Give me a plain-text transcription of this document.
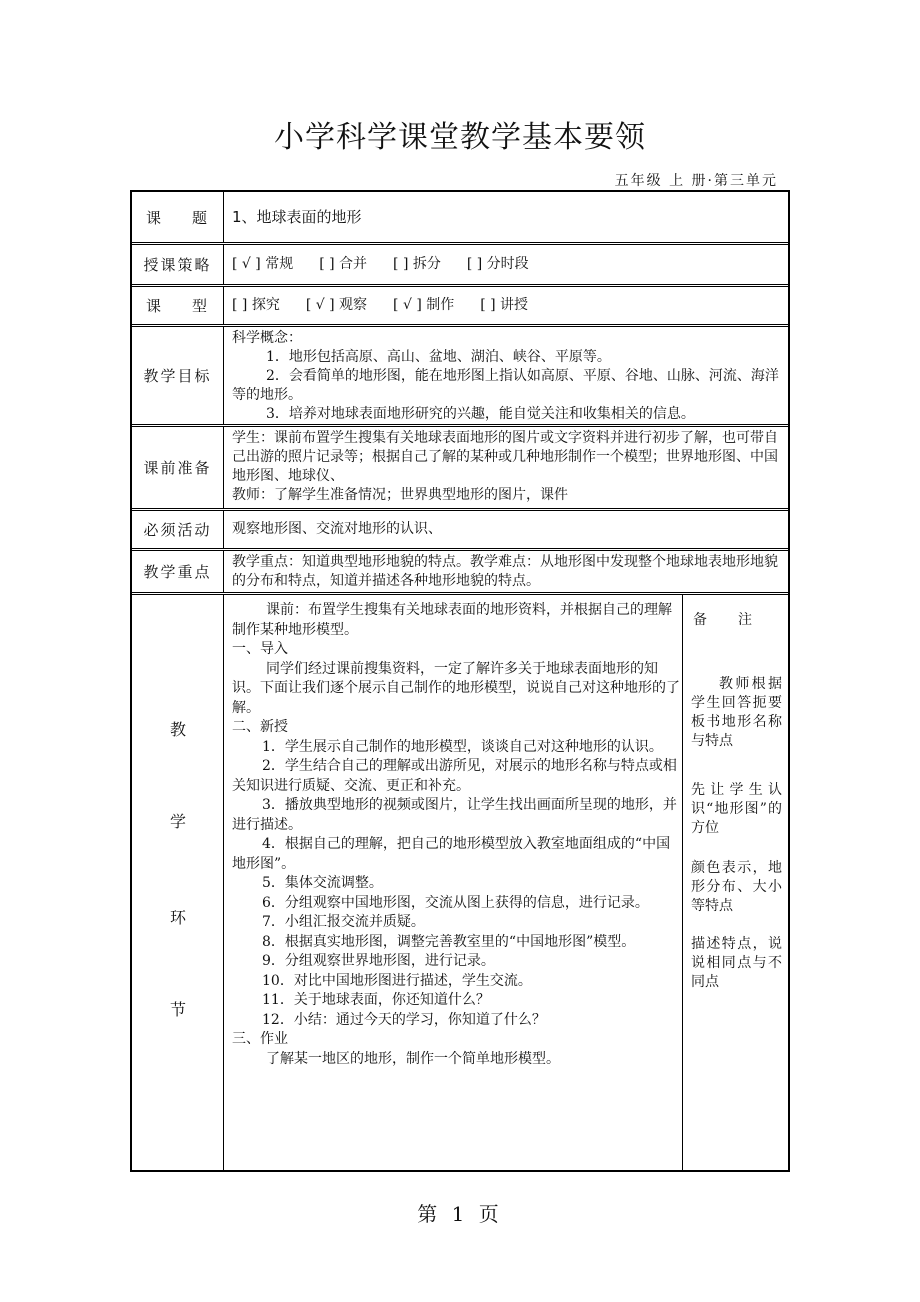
小学科学课堂教学基本要领
五年级 上 册·第三单元
课 题 1、地球表面的地形
授课策略	[ √ ] 常规 [ ] 合并 [ ] 拆分 [ ] 分时段
课 型 [ ] 探究 [ √ ] 观察 [ √ ] 制作 [ ] 讲授
教学目标

科学概念：

1．地形包括高原、高山、盆地、湖泊、峡谷、平原等。

2．会看简单的地形图，能在地形图上指认如高原、平原、谷地、山脉、河流、海洋等的地形。

3．培养对地球表面地形研究的兴趣，能自觉关注和收集相关的信息。

课前准备

学生：课前布置学生搜集有关地球表面地形的图片或文字资料并进行初步了解，也可带自己出游的照片记录等；根据自己了解的某种或几种地形制作一个模型；世界地形图、中国地形图、地球仪、

教师：了解学生准备情况；世界典型地形的图片，课件

必须活动	观察地形图、交流对地形的认识、
教学重点
教学重点：知道典型地形地貌的特点。教学难点：从地形图中发现整个地球地表地形地貌的分布和特点，知道并描述各种地形地貌的特点。
教
学
环
节

课前：布置学生搜集有关地球表面的地形资料，并根据自己的理解制作某种地形模型。

一、导入

同学们经过课前搜集资料，一定了解许多关于地球表面地形的知识。下面让我们逐个展示自己制作的地形模型，说说自己对这种地形的了解。

二、新授

1．学生展示自己制作的地形模型，谈谈自己对这种地形的认识。

2．学生结合自己的理解或出游所见，对展示的地形名称与特点或相关知识进行质疑、交流、更正和补充。

3．播放典型地形的视频或图片，让学生找出画面所呈现的地形，并进行描述。

4．根据自己的理解，把自己的地形模型放入教室地面组成的“中国地形图”。

5．集体交流调整。

6．分组观察中国地形图，交流从图上获得的信息，进行记录。

7．小组汇报交流并质疑。

8．根据真实地形图，调整完善教室里的“中国地形图”模型。

9．分组观察世界地形图，进行记录。

10．对比中国地形图进行描述，学生交流。

11．关于地球表面，你还知道什么？

12．小结：通过今天的学习，你知道了什么？

三、作业

了解某一地区的地形，制作一个简单地形模型。

备 注
教师根据学生回答扼要板书地形名称与特点
先让学生认识“地形图”的方位
颜色表示，地形分布、大小等特点
描述特点，说说相同点与不同点
第 1 页
